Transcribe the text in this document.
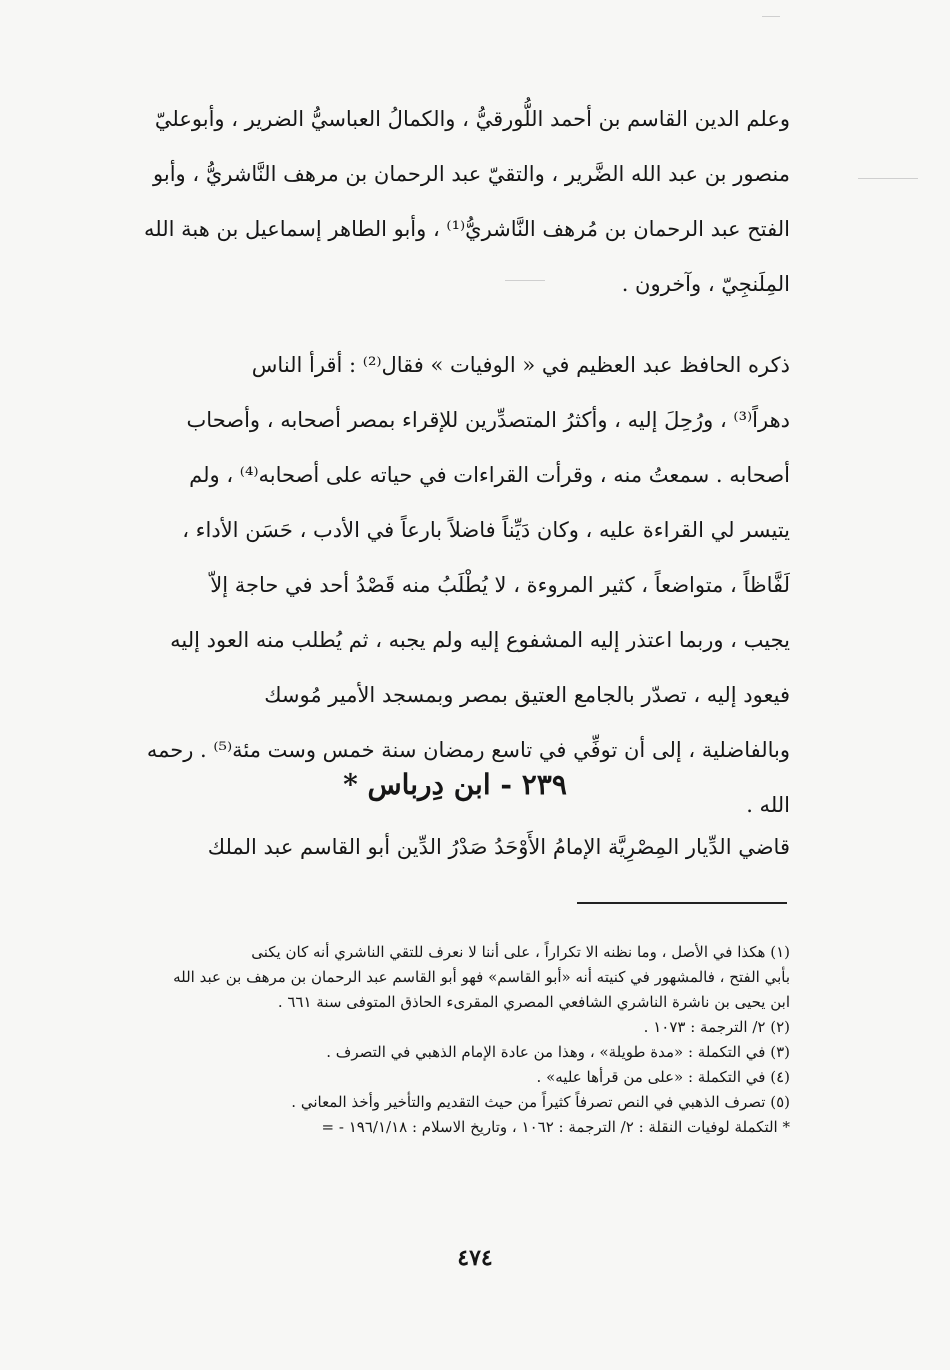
وعلم الدين القاسم بن أحمد اللُّورقيُّ ، والكمالُ العباسيُّ الضرير ، وأبوعليّ
منصور بن عبد الله الضَّرير ، والتقيّ عبد الرحمان بن مرهف النَّاشريُّ ، وأبو
الفتح عبد الرحمان بن مُرهف النَّاشريُّ⁽¹⁾ ، وأبو الطاهر إسماعيل بن هبة الله
المِلَنجِيّ ، وآخرون .
ذكره الحافظ عبد العظيم في « الوفيات » فقال⁽²⁾ : أقرأ الناس
دهراً⁽³⁾ ، ورُحِلَ إليه ، وأكثرُ المتصدِّرين للإقراء بمصر أصحابه ، وأصحاب
أصحابه . سمعتُ منه ، وقرأت القراءات في حياته على أصحابه⁽⁴⁾ ، ولم
يتيسر لي القراءة عليه ، وكان دَيِّناً فاضلاً بارعاً في الأدب ، حَسَن الأداء ،
لَفَّاظاً ، متواضعاً ، كثير المروءة ، لا يُطْلَبُ منه قَصْدُ أحد في حاجة إلاّ
يجيب ، وربما اعتذر إليه المشفوع إليه ولم يجبه ، ثم يُطلب منه العود إليه
فيعود إليه ، تصدّر بالجامع العتيق بمصر وبمسجد الأمير مُوسك
وبالفاضلية ، إلى أن توفِّي في تاسع رمضان سنة خمس وست مئة⁽⁵⁾ . رحمه
الله .
٢٣٩ - ابن دِرباس *
قاضي الدِّيار المِصْرِيَّة الإمامُ الأَوْحَدُ صَدْرُ الدِّين أبو القاسم عبد الملك
(١) هكذا في الأصل ، وما نظنه الا تكراراً ، على أننا لا نعرف للتقي الناشري أنه كان يكنى
بأبي الفتح ، فالمشهور في كنيته أنه «أبو القاسم» فهو أبو القاسم عبد الرحمان بن مرهف بن عبد الله
ابن يحيى بن ناشرة الناشري الشافعي المصري المقرىء الحاذق المتوفى سنة ٦٦١ .
(٢) ٢/ الترجمة : ١٠٧٣ .
(٣) في التكملة : «مدة طويلة» ، وهذا من عادة الإمام الذهبي في التصرف .
(٤) في التكملة : «على من قرأها عليه» .
(٥) تصرف الذهبي في النص تصرفاً كثيراً من حيث التقديم والتأخير وأخذ المعاني .
* التكملة لوفيات النقلة : ٢/ الترجمة : ١٠٦٢ ، وتاريخ الاسلام : ١٩٦/١/١٨ - =
٤٧٤
